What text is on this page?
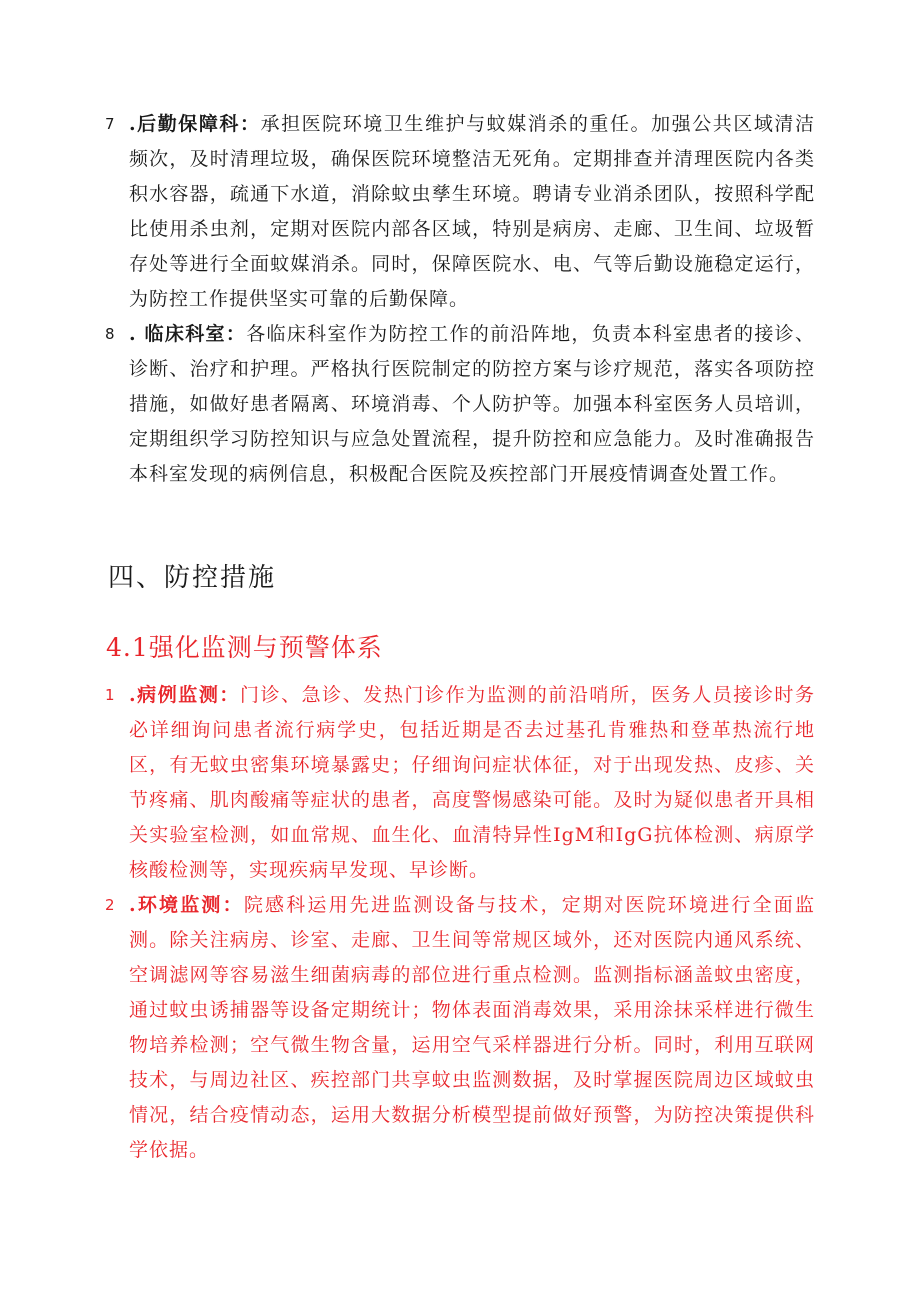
7 .后勤保障科：承担医院环境卫生维护与蚊媒消杀的重任。加强公共区域清洁频次，及时清理垃圾，确保医院环境整洁无死角。定期排查并清理医院内各类积水容器，疏通下水道，消除蚊虫孳生环境。聘请专业消杀团队，按照科学配比使用杀虫剂，定期对医院内部各区域，特别是病房、走廊、卫生间、垃圾暂存处等进行全面蚊媒消杀。同时，保障医院水、电、气等后勤设施稳定运行，为防控工作提供坚实可靠的后勤保障。
8 . 临床科室：各临床科室作为防控工作的前沿阵地，负责本科室患者的接诊、诊断、治疗和护理。严格执行医院制定的防控方案与诊疗规范，落实各项防控措施，如做好患者隔离、环境消毒、个人防护等。加强本科室医务人员培训，定期组织学习防控知识与应急处置流程，提升防控和应急能力。及时准确报告本科室发现的病例信息，积极配合医院及疾控部门开展疫情调查处置工作。
四、防控措施
4.1强化监测与预警体系
1 .病例监测：门诊、急诊、发热门诊作为监测的前沿哨所，医务人员接诊时务必详细询问患者流行病学史，包括近期是否去过基孔肯雅热和登革热流行地区，有无蚊虫密集环境暴露史；仔细询问症状体征，对于出现发热、皮疹、关节疼痛、肌肉酸痛等症状的患者，高度警惕感染可能。及时为疑似患者开具相关实验室检测，如血常规、血生化、血清特异性IgM和IgG抗体检测、病原学核酸检测等，实现疾病早发现、早诊断。
2 .环境监测：院感科运用先进监测设备与技术，定期对医院环境进行全面监测。除关注病房、诊室、走廊、卫生间等常规区域外，还对医院内通风系统、空调滤网等容易滋生细菌病毒的部位进行重点检测。监测指标涵盖蚊虫密度，通过蚊虫诱捕器等设备定期统计；物体表面消毒效果，采用涂抹采样进行微生物培养检测；空气微生物含量，运用空气采样器进行分析。同时，利用互联网技术，与周边社区、疾控部门共享蚊虫监测数据，及时掌握医院周边区域蚊虫情况，结合疫情动态，运用大数据分析模型提前做好预警，为防控决策提供科学依据。
